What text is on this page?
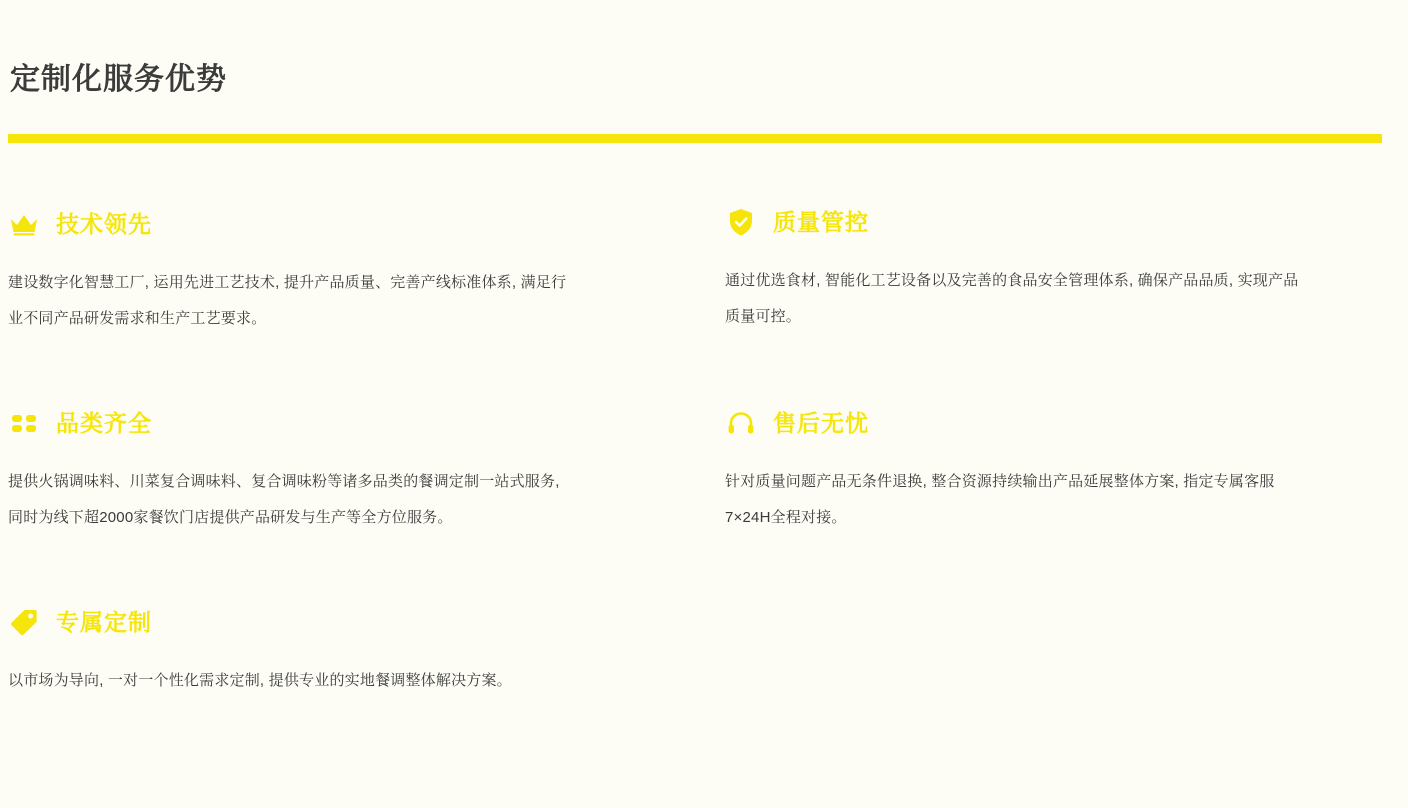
定制化服务优势
技术领先

建设数字化智慧工厂, 运用先进工艺技术, 提升产品质量、完善产线标准体系, 满足行业不同产品研发需求和生产工艺要求。

质量管控

通过优选食材, 智能化工艺设备以及完善的食品安全管理体系, 确保产品品质, 实现产品质量可控。

品类齐全

提供火锅调味料、川菜复合调味料、复合调味粉等诸多品类的餐调定制一站式服务, 同时为线下超2000家餐饮门店提供产品研发与生产等全方位服务。

售后无忧

针对质量问题产品无条件退换, 整合资源持续输出产品延展整体方案, 指定专属客服7×24H全程对接。

专属定制

以市场为导向, 一对一个性化需求定制, 提供专业的实地餐调整体解决方案。
